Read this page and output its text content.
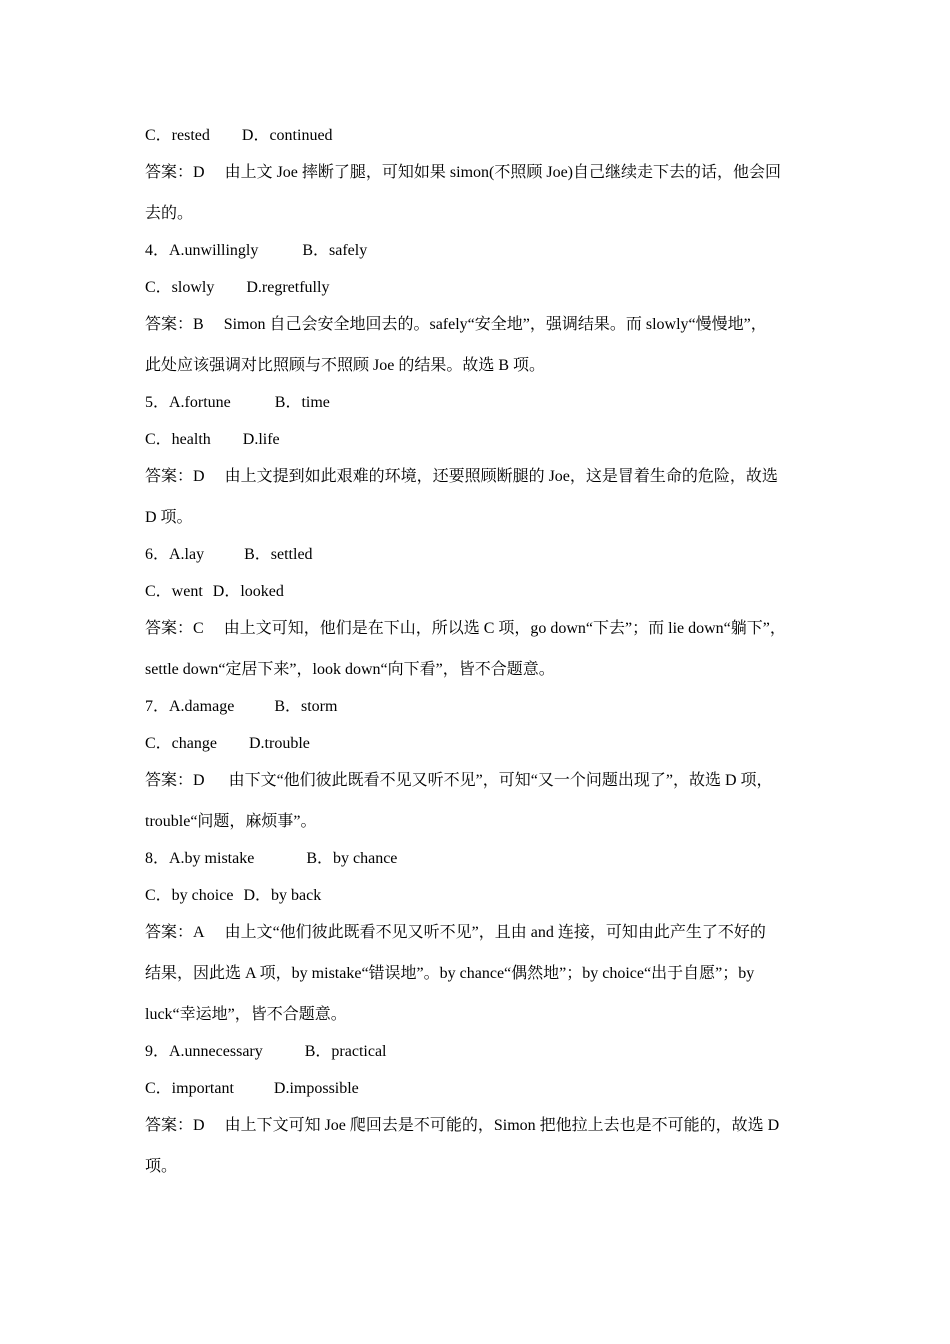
C．rested D．continued

答案：D 由上文 Joe 摔断了腿，可知如果 simon(不照顾 Joe)自己继续走下去的话，他会回

去的。

4．A.unwillingly	B．safely

C．slowly D.regretfully

答案：B Simon 自己会安全地回去的。safely“安全地”，强调结果。而 slowly“慢慢地”，

此处应该强调对比照顾与不照顾 Joe 的结果。故选 B 项。

5．A.fortune	B．time

C．health D.life

答案：D 由上文提到如此艰难的环境，还要照顾断腿的 Joe，这是冒着生命的危险，故选

D 项。

6．A.lay	B．settled

C．went D．looked

答案：C 由上文可知，他们是在下山，所以选 C 项，go down“下去”；而 lie down“躺下”，

settle down“定居下来”，look down“向下看”，皆不合题意。

7．A.damage	B．storm

C．change D.trouble

答案：D 由下文“他们彼此既看不见又听不见”，可知“又一个问题出现了”，故选 D 项，

trouble“问题，麻烦事”。

8．A.by mistake	B．by chance

C．by choice D．by back

答案：A 由上文“他们彼此既看不见又听不见”，且由 and 连接，可知由此产生了不好的

结果，因此选 A 项，by mistake“错误地”。by chance“偶然地”；by choice“出于自愿”；by

luck“幸运地”，皆不合题意。

9．A.unnecessary	B．practical

C．important	D.impossible

答案：D 由上下文可知 Joe 爬回去是不可能的，Simon 把他拉上去也是不可能的，故选 D

项。
